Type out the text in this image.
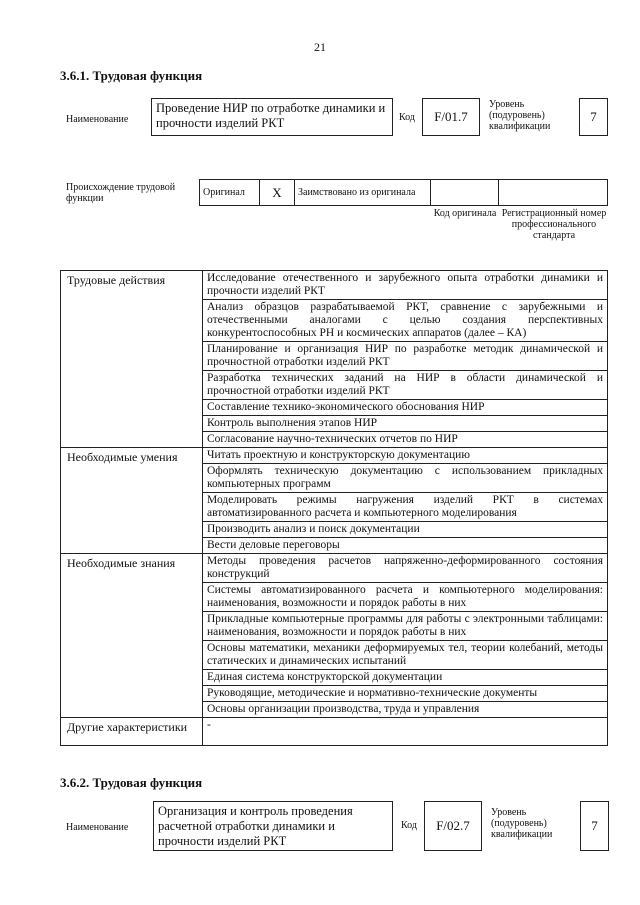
21
3.6.1. Трудовая функция
Наименование
Проведение НИР по отработке динамики и прочности изделий РКТ	Код	F/01.7
Уровень (подуровень) квалификации
7
Происхождение трудовой функции
Оригинал	X	Заимствовано из оригинала		
Код оригинала Регистрационный номер профессионального стандарта
Трудовые действия	Исследование отечественного и зарубежного опыта отработки динамики и прочности изделий РКТ
	Анализ образцов разрабатываемой РКТ, сравнение с зарубежными и отечественными аналогами с целью создания перспективных конкурентоспособных РН и космических аппаратов (далее – КА)
	Планирование и организация НИР по разработке методик динамической и прочностной отработки изделий РКТ
	Разработка технических заданий на НИР в области динамической и прочностной отработки изделий РКТ
	Составление технико-экономического обоснования НИР
	Контроль выполнения этапов НИР
	Согласование научно-технических отчетов по НИР
Необходимые умения	Читать проектную и конструкторскую документацию
	Оформлять техническую документацию с использованием прикладных компьютерных программ
	Моделировать режимы нагружения изделий РКТ в системах автоматизированного расчета и компьютерного моделирования
	Производить анализ и поиск документации
	Вести деловые переговоры
Необходимые знания	Методы проведения расчетов напряженно-деформированного состояния конструкций
	Системы автоматизированного расчета и компьютерного моделирования: наименования, возможности и порядок работы в них
	Прикладные компьютерные программы для работы с электронными таблицами: наименования, возможности и порядок работы в них
	Основы математики, механики деформируемых тел, теории колебаний, методы статических и динамических испытаний
	Единая система конструкторской документации
	Руководящие, методические и нормативно-технические документы
	Основы организации производства, труда и управления
Другие характеристики	-
3.6.2. Трудовая функция
Наименование
Организация и контроль проведения расчетной отработки динамики и прочности изделий РКТ
Код	F/02.7
Уровень (подуровень) квалификации
7
